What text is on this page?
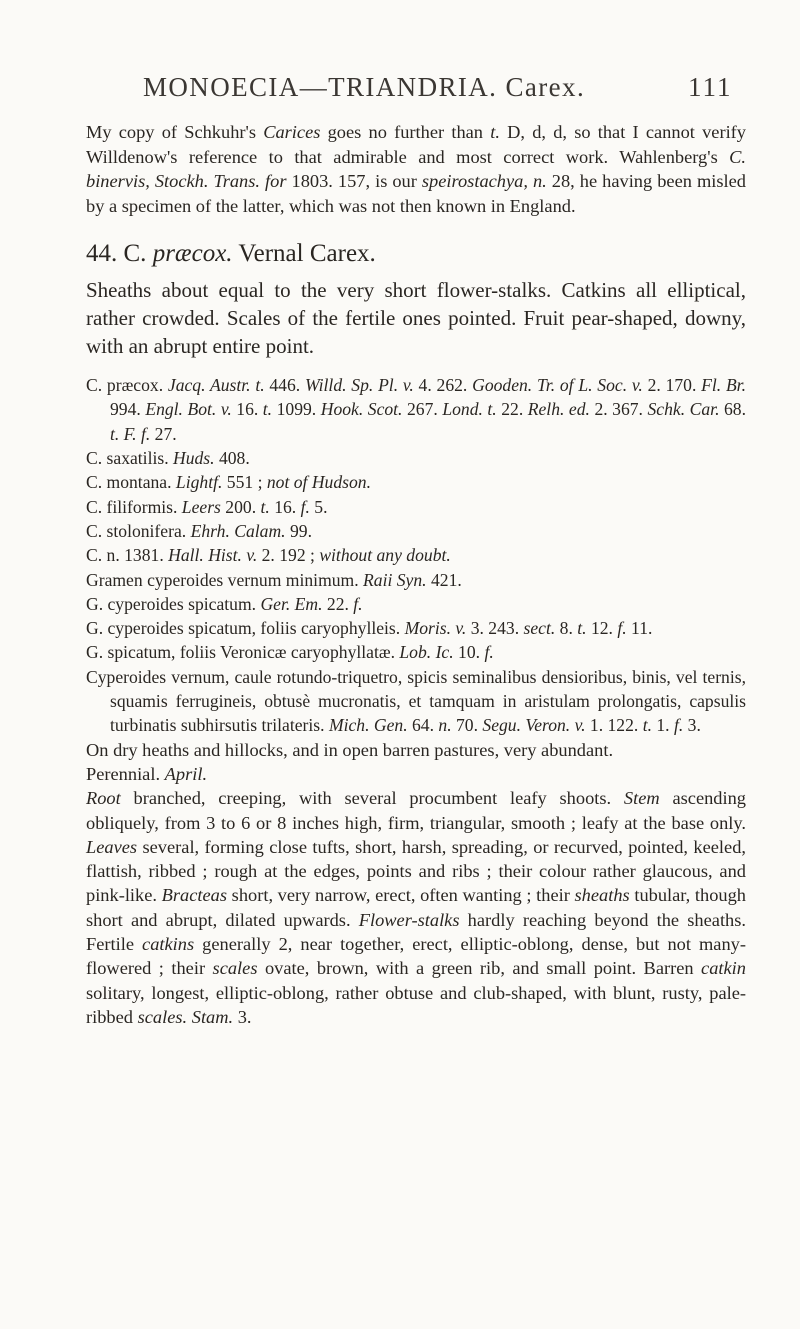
MONOECIA—TRIANDRIA. Carex.	111

My copy of Schkuhr's Carices goes no further than t. D, d, d, so that I cannot verify Willdenow's reference to that admirable and most correct work. Wahlenberg's C. binervis, Stockh. Trans. for 1803. 157, is our speirostachya, n. 28, he having been misled by a specimen of the latter, which was not then known in England.

44. C. præcox. Vernal Carex.
Sheaths about equal to the very short flower-stalks. Catkins all elliptical, rather crowded. Scales of the fertile ones pointed. Fruit pear-shaped, downy, with an abrupt entire point.
C. præcox. Jacq. Austr. t. 446. Willd. Sp. Pl. v. 4. 262. Gooden. Tr. of L. Soc. v. 2. 170. Fl. Br. 994. Engl. Bot. v. 16. t. 1099. Hook. Scot. 267. Lond. t. 22. Relh. ed. 2. 367. Schk. Car. 68. t. F. f. 27.
C. saxatilis. Huds. 408.
C. montana. Lightf. 551 ; not of Hudson.
C. filiformis. Leers 200. t. 16. f. 5.
C. stolonifera. Ehrh. Calam. 99.
C. n. 1381. Hall. Hist. v. 2. 192 ; without any doubt.
Gramen cyperoides vernum minimum. Raii Syn. 421.
G. cyperoides spicatum. Ger. Em. 22. f.
G. cyperoides spicatum, foliis caryophylleis. Moris. v. 3. 243. sect. 8. t. 12. f. 11.
G. spicatum, foliis Veronicæ caryophyllatæ. Lob. Ic. 10. f.
Cyperoides vernum, caule rotundo-triquetro, spicis seminalibus densioribus, binis, vel ternis, squamis ferrugineis, obtusè mucronatis, et tamquam in aristulam prolongatis, capsulis turbinatis subhirsutis trilateris. Mich. Gen. 64. n. 70. Segu. Veron. v. 1. 122. t. 1. f. 3.
On dry heaths and hillocks, and in open barren pastures, very abundant.
Perennial. April.
Root branched, creeping, with several procumbent leafy shoots. Stem ascending obliquely, from 3 to 6 or 8 inches high, firm, triangular, smooth ; leafy at the base only. Leaves several, forming close tufts, short, harsh, spreading, or recurved, pointed, keeled, flattish, ribbed ; rough at the edges, points and ribs ; their colour rather glaucous, and pink-like. Bracteas short, very narrow, erect, often wanting ; their sheaths tubular, though short and abrupt, dilated upwards. Flower-stalks hardly reaching beyond the sheaths. Fertile catkins generally 2, near together, erect, elliptic-oblong, dense, but not many-flowered ; their scales ovate, brown, with a green rib, and small point. Barren catkin solitary, longest, elliptic-oblong, rather obtuse and club-shaped, with blunt, rusty, pale-ribbed scales. Stam. 3.
